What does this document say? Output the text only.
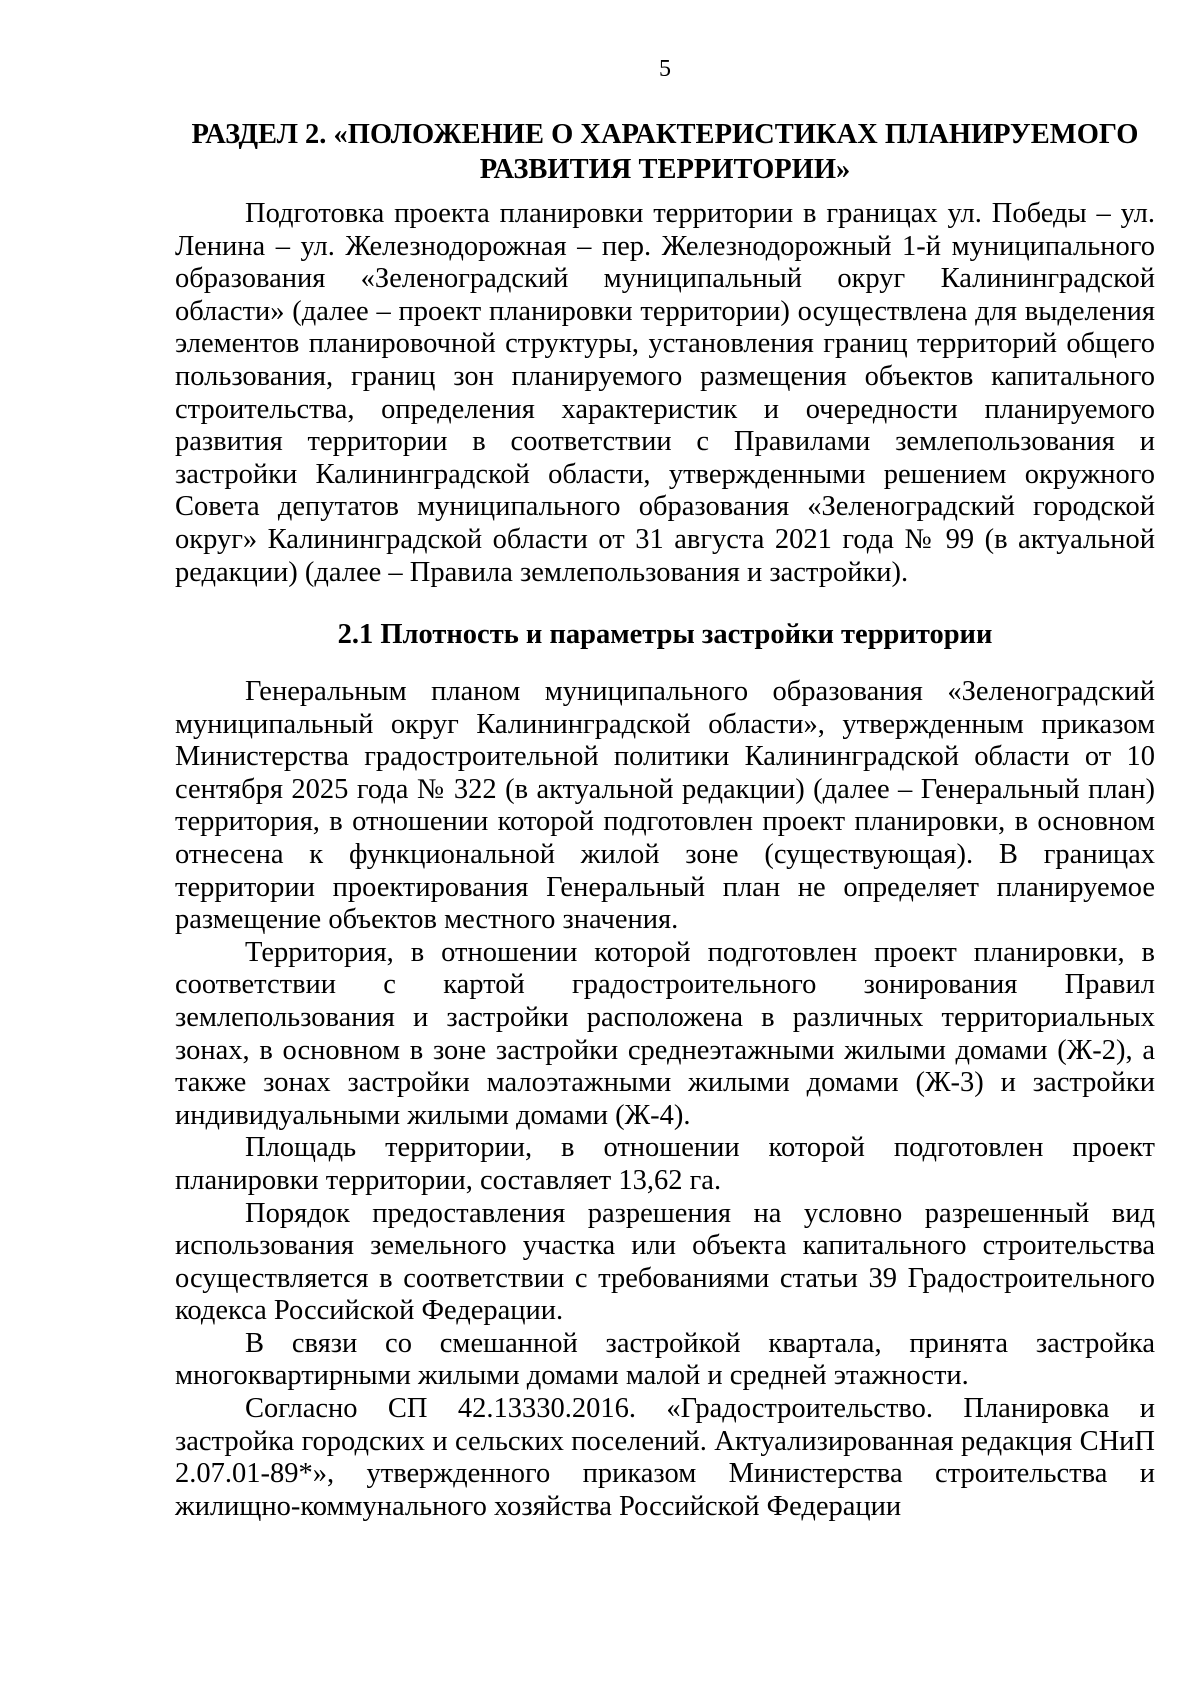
5
РАЗДЕЛ 2. «ПОЛОЖЕНИЕ О ХАРАКТЕРИСТИКАХ ПЛАНИРУЕМОГО
РАЗВИТИЯ ТЕРРИТОРИИ»

Подготовка проекта планировки территории в границах ул. Победы – ул. Ленина – ул. Железнодорожная – пер. Железнодорожный 1-й муниципального образования «Зеленоградский муниципальный округ Калининградской области» (далее – проект планировки территории) осуществлена для выделения элементов планировочной структуры, установления границ территорий общего пользования, границ зон планируемого размещения объектов капитального строительства, определения характеристик и очередности планируемого развития территории в соответствии с Правилами землепользования и застройки Калининградской области, утвержденными решением окружного Совета депутатов муниципального образования «Зеленоградский городской округ» Калининградской области от 31 августа 2021 года № 99 (в актуальной редакции) (далее – Правила землепользования и застройки).

2.1 Плотность и параметры застройки территории

Генеральным планом муниципального образования «Зеленоградский муниципальный округ Калининградской области», утвержденным приказом Министерства градостроительной политики Калининградской области от 10 сентября 2025 года № 322 (в актуальной редакции) (далее – Генеральный план) территория, в отношении которой подготовлен проект планировки, в основном отнесена к функциональной жилой зоне (существующая). В границах территории проектирования Генеральный план не определяет планируемое размещение объектов местного значения.

Территория, в отношении которой подготовлен проект планировки, в соответствии с картой градостроительного зонирования Правил землепользования и застройки расположена в различных территориальных зонах, в основном в зоне застройки среднеэтажными жилыми домами (Ж-2), а также зонах застройки малоэтажными жилыми домами (Ж-3) и застройки индивидуальными жилыми домами (Ж-4).

Площадь территории, в отношении которой подготовлен проект планировки территории, составляет 13,62 га.

Порядок предоставления разрешения на условно разрешенный вид использования земельного участка или объекта капитального строительства осуществляется в соответствии с требованиями статьи 39 Градостроительного кодекса Российской Федерации.

В связи со смешанной застройкой квартала, принята застройка многоквартирными жилыми домами малой и средней этажности.

Согласно СП 42.13330.2016. «Градостроительство. Планировка и застройка городских и сельских поселений. Актуализированная редакция СНиП 2.07.01-89*», утвержденного приказом Министерства строительства и жилищно-коммунального хозяйства Российской Федерации
